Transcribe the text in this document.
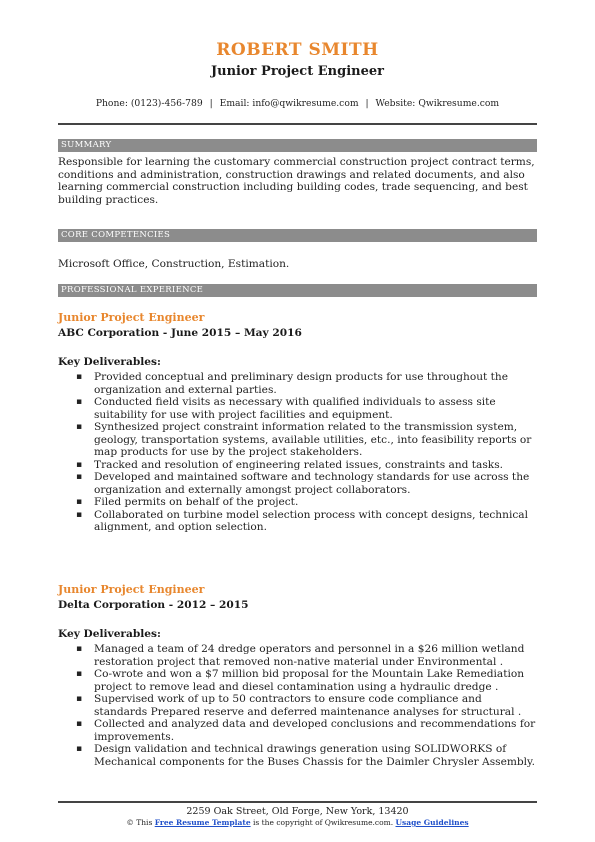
ROBERT SMITH
Junior Project Engineer
Phone: (0123)-456-789 | Email: info@qwikresume.com | Website: Qwikresume.com
SUMMARY
Responsible for learning the customary commercial construction project contract terms, conditions and administration, construction drawings and related documents, and also learning commercial construction including building codes, trade sequencing, and best building practices.
CORE COMPETENCIES
Microsoft Office, Construction, Estimation.
PROFESSIONAL EXPERIENCE
Junior Project Engineer
ABC Corporation - June 2015 – May 2016
Key Deliverables:
▪ Provided conceptual and preliminary design products for use throughout the organization and external parties.
▪ Conducted field visits as necessary with qualified individuals to assess site suitability for use with project facilities and equipment.
▪ Synthesized project constraint information related to the transmission system, geology, transportation systems, available utilities, etc., into feasibility reports or map products for use by the project stakeholders.
▪ Tracked and resolution of engineering related issues, constraints and tasks.
▪ Developed and maintained software and technology standards for use across the organization and externally amongst project collaborators.
▪ Filed permits on behalf of the project.
▪ Collaborated on turbine model selection process with concept designs, technical alignment, and option selection.
Junior Project Engineer
Delta Corporation - 2012 – 2015
Key Deliverables:
▪ Managed a team of 24 dredge operators and personnel in a $26 million wetland restoration project that removed non-native material under Environmental .
▪ Co-wrote and won a $7 million bid proposal for the Mountain Lake Remediation project to remove lead and diesel contamination using a hydraulic dredge .
▪ Supervised work of up to 50 contractors to ensure code compliance and standards Prepared reserve and deferred maintenance analyses for structural .
▪ Collected and analyzed data and developed conclusions and recommendations for improvements.
▪ Design validation and technical drawings generation using SOLIDWORKS of Mechanical components for the Buses Chassis for the Daimler Chrysler Assembly.
2259 Oak Street, Old Forge, New York, 13420
© This Free Resume Template is the copyright of Qwikresume.com. Usage Guidelines
